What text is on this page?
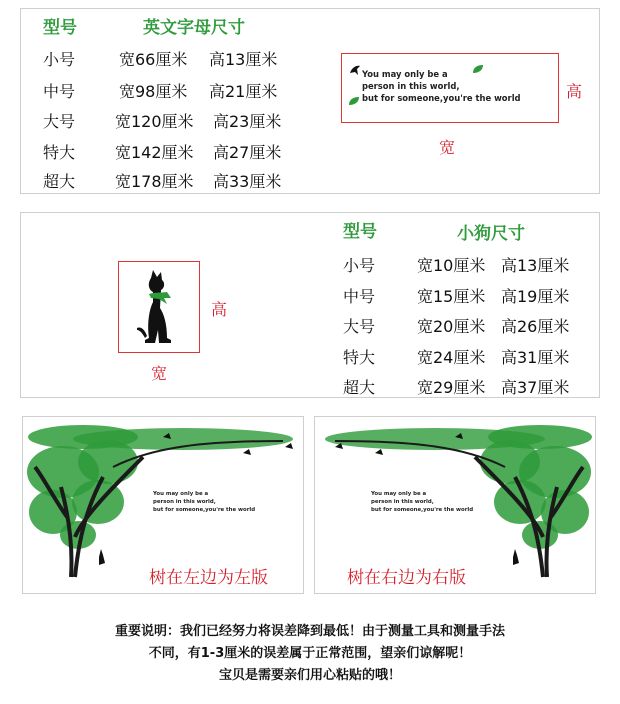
型号	英文字母尺寸
小号	宽66厘米 高13厘米
中号	宽98厘米 高21厘米
大号 宽120厘米 高23厘米
特大 宽142厘米 高27厘米
超大 宽178厘米 高33厘米
You may only be a
person in this world,
but for someone,you're the world	高
宽
高
宽
型号	小狗尺寸
小号	宽10厘米 高13厘米
中号	宽15厘米 高19厘米
大号	宽20厘米 高26厘米
特大	宽24厘米 高31厘米
超大	宽29厘米 高37厘米
You may only be a
person in this world,
but for someone,you're the world
树在左边为左版
You may only be a
person in this world,
but for someone,you're the world
树在右边为右版
重要说明：我们已经努力将误差降到最低！由于测量工具和测量手法
不同，有1-3厘米的误差属于正常范围，望亲们谅解呢！
宝贝是需要亲们用心粘贴的哦！
